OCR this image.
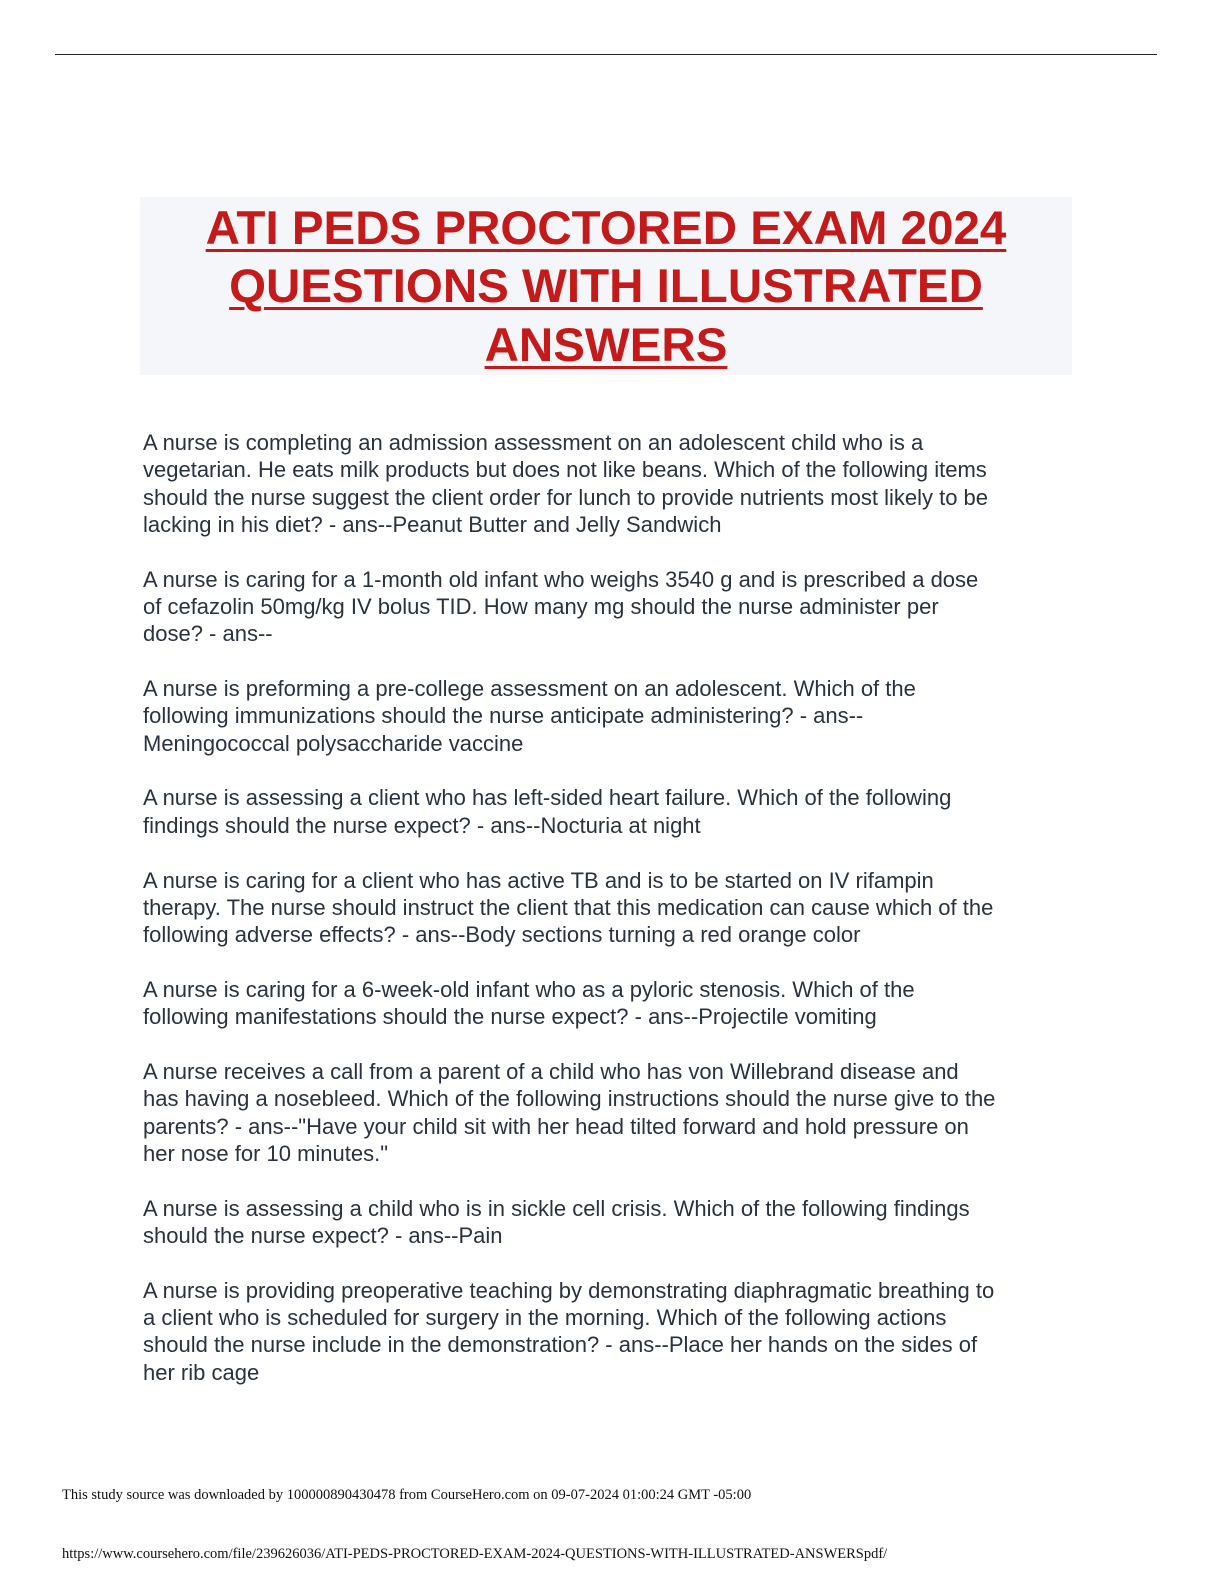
ATI PEDS PROCTORED EXAM 2024
QUESTIONS WITH ILLUSTRATED
ANSWERS
A nurse is completing an admission assessment on an adolescent child who is a
vegetarian. He eats milk products but does not like beans. Which of the following items
should the nurse suggest the client order for lunch to provide nutrients most likely to be
lacking in his diet? - ans--Peanut Butter and Jelly Sandwich
A nurse is caring for a 1-month old infant who weighs 3540 g and is prescribed a dose
of cefazolin 50mg/kg IV bolus TID. How many mg should the nurse administer per
dose? - ans--
A nurse is preforming a pre-college assessment on an adolescent. Which of the
following immunizations should the nurse anticipate administering? - ans--
Meningococcal polysaccharide vaccine
A nurse is assessing a client who has left-sided heart failure. Which of the following
findings should the nurse expect? - ans--Nocturia at night
A nurse is caring for a client who has active TB and is to be started on IV rifampin
therapy. The nurse should instruct the client that this medication can cause which of the
following adverse effects? - ans--Body sections turning a red orange color
A nurse is caring for a 6-week-old infant who as a pyloric stenosis. Which of the
following manifestations should the nurse expect? - ans--Projectile vomiting
A nurse receives a call from a parent of a child who has von Willebrand disease and
has having a nosebleed. Which of the following instructions should the nurse give to the
parents? - ans--"Have your child sit with her head tilted forward and hold pressure on
her nose for 10 minutes."
A nurse is assessing a child who is in sickle cell crisis. Which of the following findings
should the nurse expect? - ans--Pain
A nurse is providing preoperative teaching by demonstrating diaphragmatic breathing to
a client who is scheduled for surgery in the morning. Which of the following actions
should the nurse include in the demonstration? - ans--Place her hands on the sides of
her rib cage
This study source was downloaded by 100000890430478 from CourseHero.com on 09-07-2024 01:00:24 GMT -05:00
https://www.coursehero.com/file/239626036/ATI-PEDS-PROCTORED-EXAM-2024-QUESTIONS-WITH-ILLUSTRATED-ANSWERSpdf/
